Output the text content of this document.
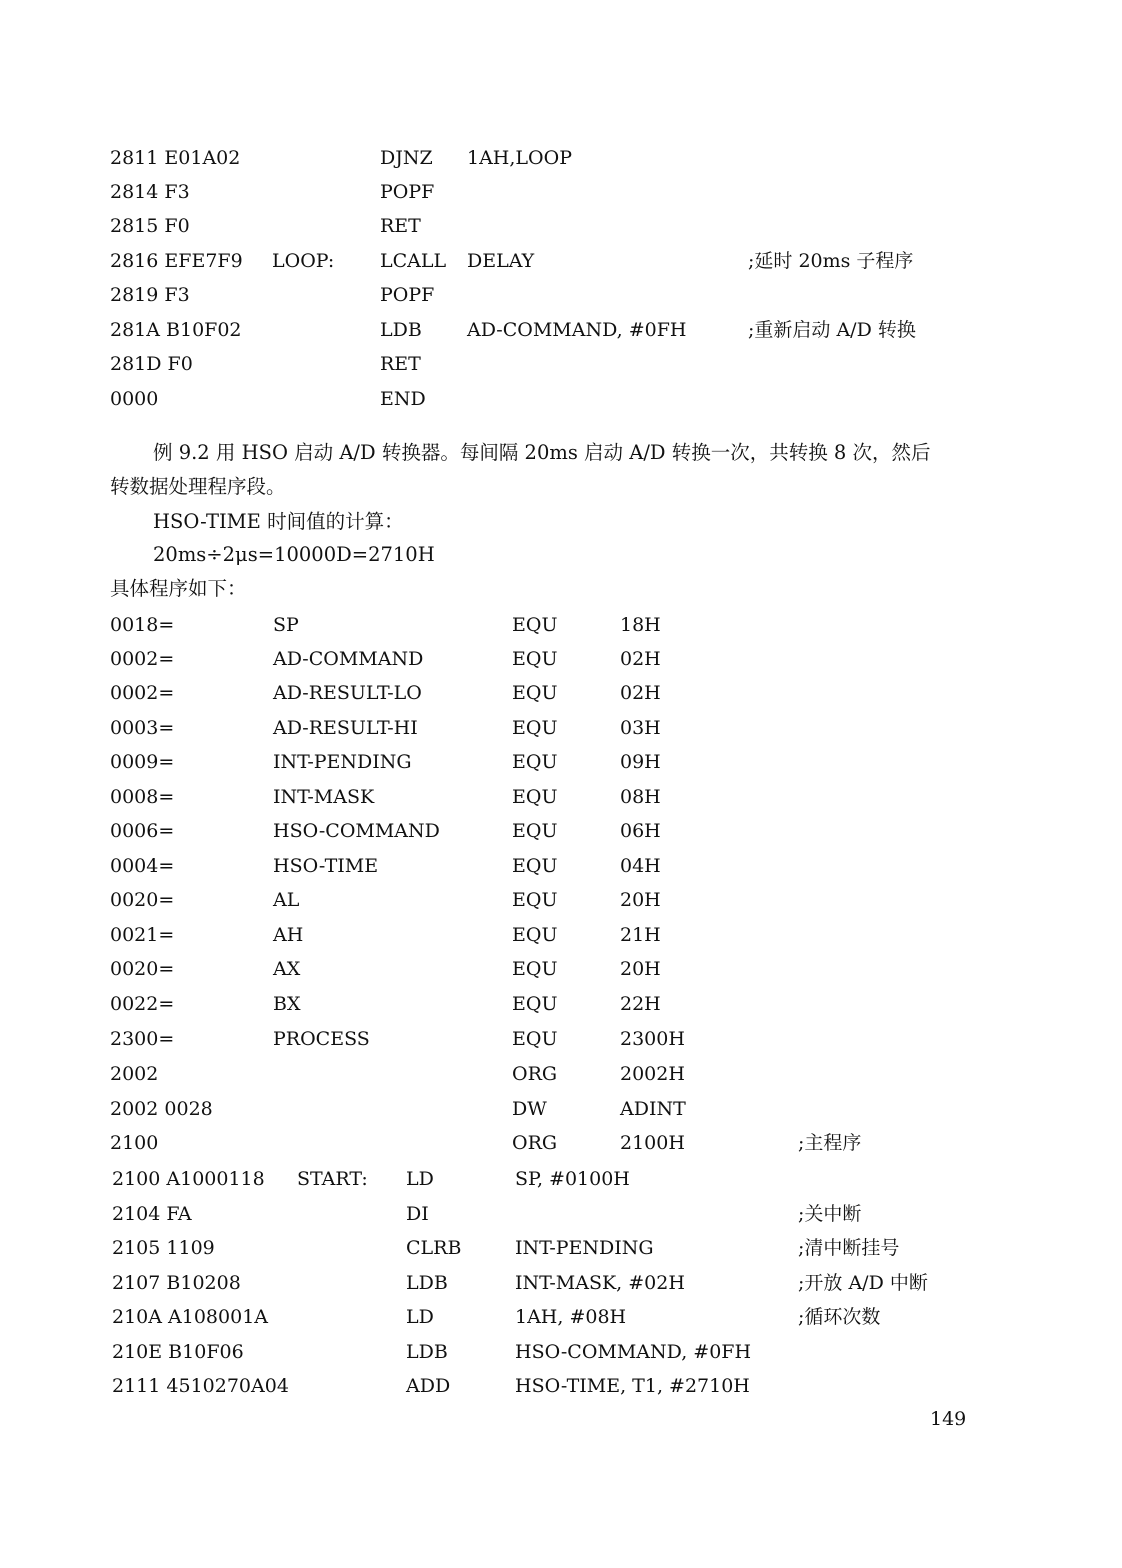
2811 E01A02	DJNZ 1AH,LOOP
2814 F3	POPF
2815 F0	RET
2816 EFE7F9 LOOP: LCALL DELAY	;延时 20ms 子程序
2819 F3	POPF
281A B10F02	LDB AD-COMMAND, #0FH	;重新启动 A/D 转换
281D F0	RET
0000	END
例 9.2 用 HSO 启动 A/D 转换器。每间隔 20ms 启动 A/D 转换一次，共转换 8 次，然后
转数据处理程序段。
HSO-TIME 时间值的计算：
20ms÷2μs=10000D=2710H
具体程序如下：
0018=	SP	EQU	18H
0002=	AD-COMMAND	EQU	02H
0002=	AD-RESULT-LO	EQU	02H
0003=	AD-RESULT-HI	EQU	03H
0009=	INT-PENDING	EQU	09H
0008=	INT-MASK	EQU	08H
0006=	HSO-COMMAND	EQU	06H
0004=	HSO-TIME	EQU	04H
0020=	AL	EQU	20H
0021=	AH	EQU	21H
0020=	AX	EQU	20H
0022=	BX	EQU	22H
2300=	PROCESS	EQU	2300H
2002	ORG	2002H
2002 0028	DW	ADINT
2100	ORG	2100H	;主程序
2100 A1000118 START: LD	SP, #0100H
2104 FA	DI	;关中断
2105 1109	CLRB	INT-PENDING	;清中断挂号
2107 B10208	LDB	INT-MASK, #02H	;开放 A/D 中断
210A A108001A	LD	1AH, #08H	;循环次数
210E B10F06	LDB	HSO-COMMAND, #0FH
2111 4510270A04	ADD	HSO-TIME, T1, #2710H
149
